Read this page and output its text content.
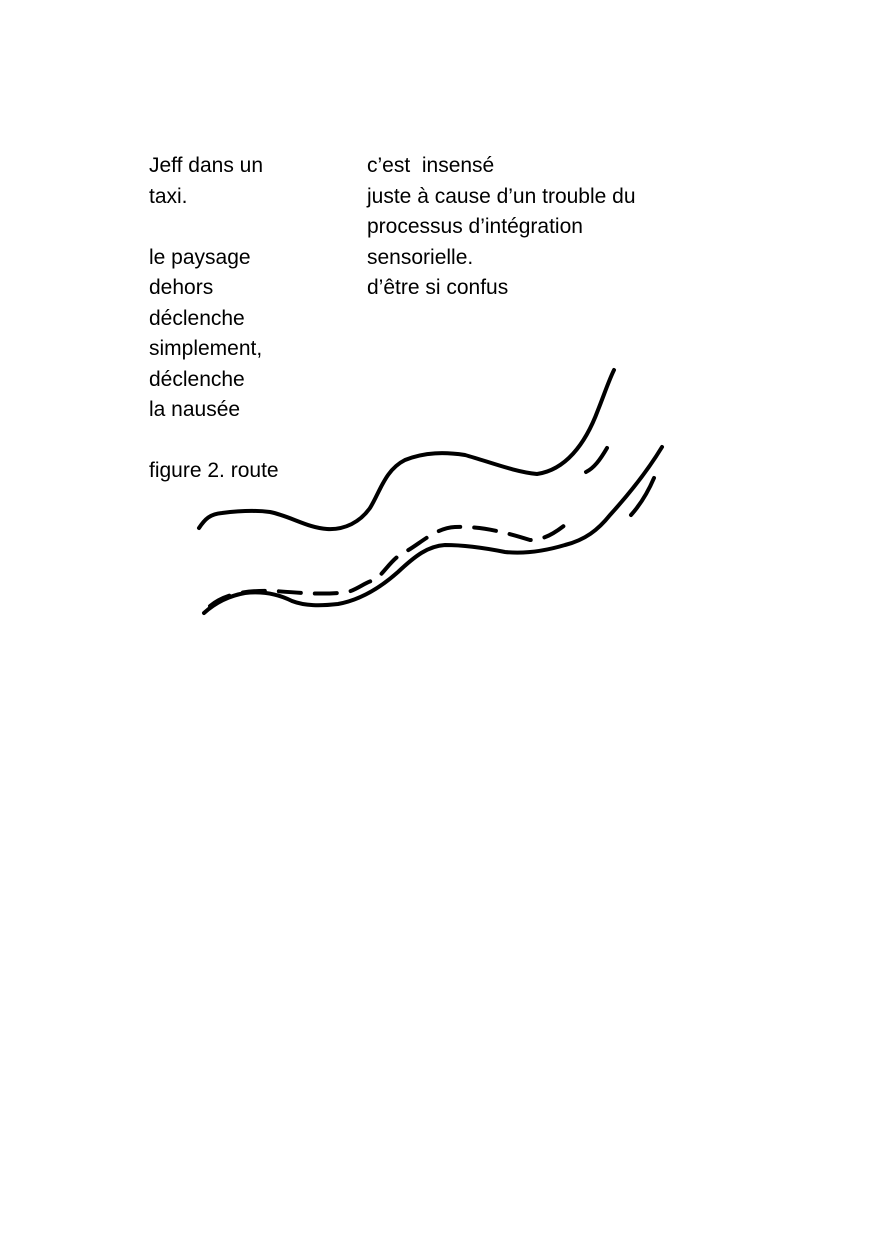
Jeff dans un
taxi.
le paysage
dehors
déclenche
simplement,
déclenche
la nausée
figure 2. route
c’est  insensé
juste à cause d’un trouble du
processus d’intégration
sensorielle.
d’être si confus
